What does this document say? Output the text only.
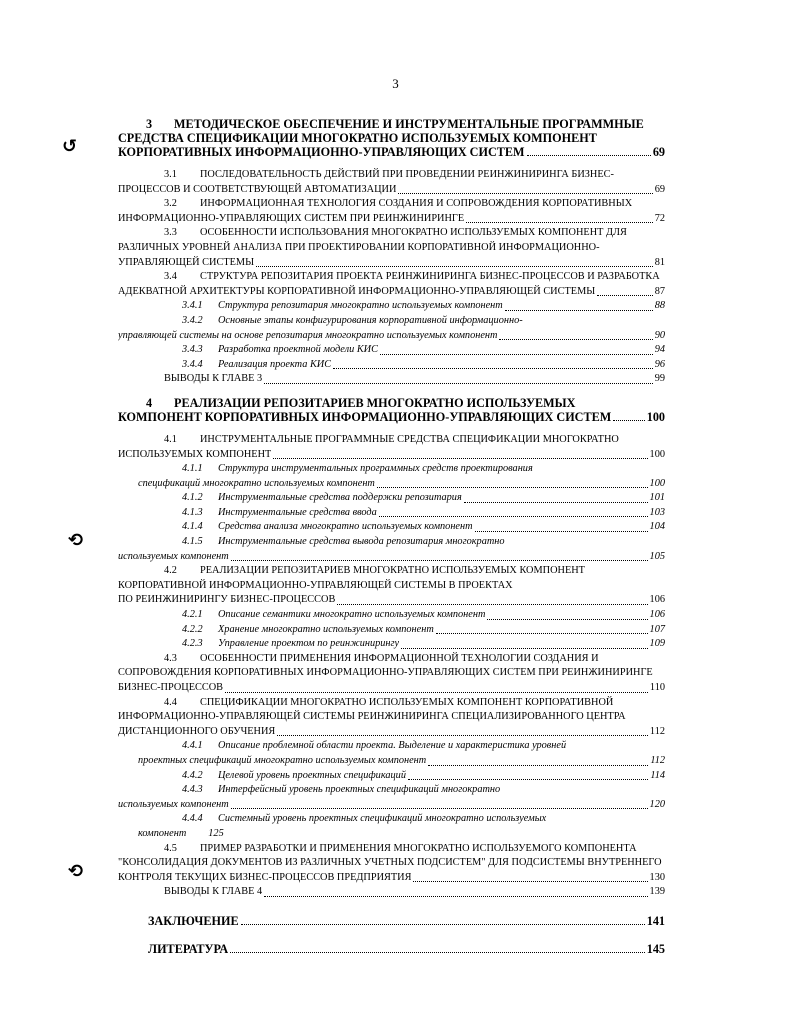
3
↺
⟲
⟲
3 МЕТОДИЧЕСКОЕ ОБЕСПЕЧЕНИЕ И ИНСТРУМЕНТАЛЬНЫЕ ПРОГРАММНЫЕ
СРЕДСТВА СПЕЦИФИКАЦИИ МНОГОКРАТНО ИСПОЛЬЗУЕМЫХ КОМПОНЕНТ
КОРПОРАТИВНЫХ ИНФОРМАЦИОННО-УПРАВЛЯЮЩИХ СИСТЕМ	69
3.1 ПОСЛЕДОВАТЕЛЬНОСТЬ ДЕЙСТВИЙ ПРИ ПРОВЕДЕНИИ РЕИНЖИНИРИНГА БИЗНЕС-
ПРОЦЕССОВ И СООТВЕТСТВУЮЩЕЙ АВТОМАТИЗАЦИИ	69
3.2 ИНФОРМАЦИОННАЯ ТЕХНОЛОГИЯ СОЗДАНИЯ И СОПРОВОЖДЕНИЯ КОРПОРАТИВНЫХ
ИНФОРМАЦИОННО-УПРАВЛЯЮЩИХ СИСТЕМ ПРИ РЕИНЖИНИРИНГЕ	72
3.3 ОСОБЕННОСТИ ИСПОЛЬЗОВАНИЯ МНОГОКРАТНО ИСПОЛЬЗУЕМЫХ КОМПОНЕНТ ДЛЯ
РАЗЛИЧНЫХ УРОВНЕЙ АНАЛИЗА ПРИ ПРОЕКТИРОВАНИИ КОРПОРАТИВНОЙ ИНФОРМАЦИОННО-
УПРАВЛЯЮЩЕЙ СИСТЕМЫ	81
3.4 СТРУКТУРА РЕПОЗИТАРИЯ ПРОЕКТА РЕИНЖИНИРИНГА БИЗНЕС-ПРОЦЕССОВ И РАЗРАБОТКА
АДЕКВАТНОЙ АРХИТЕКТУРЫ КОРПОРАТИВНОЙ ИНФОРМАЦИОННО-УПРАВЛЯЮЩЕЙ СИСТЕМЫ	87
3.4.1 Структура репозитария многократно используемых компонент	88
3.4.2 Основные этапы конфигурирования корпоративной информационно-
управляющей системы на основе репозитария многократно используемых компонент	90
3.4.3 Разработка проектной модели КИС	94
3.4.4 Реализация проекта КИС	96
ВЫВОДЫ К ГЛАВЕ 3	99
4 РЕАЛИЗАЦИИ РЕПОЗИТАРИЕВ МНОГОКРАТНО ИСПОЛЬЗУЕМЫХ
КОМПОНЕНТ КОРПОРАТИВНЫХ ИНФОРМАЦИОННО-УПРАВЛЯЮЩИХ СИСТЕМ	100
4.1 ИНСТРУМЕНТАЛЬНЫЕ ПРОГРАММНЫЕ СРЕДСТВА СПЕЦИФИКАЦИИ МНОГОКРАТНО
ИСПОЛЬЗУЕМЫХ КОМПОНЕНТ	100
4.1.1 Структура инструментальных программных средств проектирования
спецификаций многократно используемых компонент	100
4.1.2 Инструментальные средства поддержки репозитария	101
4.1.3 Инструментальные средства ввода	103
4.1.4 Средства анализа многократно используемых компонент	104
4.1.5 Инструментальные средства вывода репозитария многократно
используемых компонент	105
4.2 РЕАЛИЗАЦИИ РЕПОЗИТАРИЕВ МНОГОКРАТНО ИСПОЛЬЗУЕМЫХ КОМПОНЕНТ
КОРПОРАТИВНОЙ ИНФОРМАЦИОННО-УПРАВЛЯЮЩЕЙ СИСТЕМЫ В ПРОЕКТАХ
ПО РЕИНЖИНИРИНГУ БИЗНЕС-ПРОЦЕССОВ	106
4.2.1 Описание семантики многократно используемых компонент	106
4.2.2 Хранение многократно используемых компонент	107
4.2.3 Управление проектом по реинжинирингу	109
4.3 ОСОБЕННОСТИ ПРИМЕНЕНИЯ ИНФОРМАЦИОННОЙ ТЕХНОЛОГИИ СОЗДАНИЯ И
СОПРОВОЖДЕНИЯ КОРПОРАТИВНЫХ ИНФОРМАЦИОННО-УПРАВЛЯЮЩИХ СИСТЕМ ПРИ РЕИНЖИНИРИНГЕ
БИЗНЕС-ПРОЦЕССОВ	110
4.4 СПЕЦИФИКАЦИИ МНОГОКРАТНО ИСПОЛЬЗУЕМЫХ КОМПОНЕНТ КОРПОРАТИВНОЙ
ИНФОРМАЦИОННО-УПРАВЛЯЮЩЕЙ СИСТЕМЫ РЕИНЖИНИРИНГА СПЕЦИАЛИЗИРОВАННОГО ЦЕНТРА
ДИСТАНЦИОННОГО ОБУЧЕНИЯ	112
4.4.1 Описание проблемной области проекта. Выделение и характеристика уровней
проектных спецификаций многократно используемых компонент	112
4.4.2 Целевой уровень проектных спецификаций	114
4.4.3 Интерфейсный уровень проектных спецификаций многократно
используемых компонент	120
4.4.4 Системный уровень проектных спецификаций многократно используемых
компонент 125
4.5 ПРИМЕР РАЗРАБОТКИ И ПРИМЕНЕНИЯ МНОГОКРАТНО ИСПОЛЬЗУЕМОГО КОМПОНЕНТА
"КОНСОЛИДАЦИЯ ДОКУМЕНТОВ ИЗ РАЗЛИЧНЫХ УЧЕТНЫХ ПОДСИСТЕМ" ДЛЯ ПОДСИСТЕМЫ ВНУТРЕННЕГО
КОНТРОЛЯ ТЕКУЩИХ БИЗНЕС-ПРОЦЕССОВ ПРЕДПРИЯТИЯ	130
ВЫВОДЫ К ГЛАВЕ 4	139
ЗАКЛЮЧЕНИЕ	141
ЛИТЕРАТУРА	145
